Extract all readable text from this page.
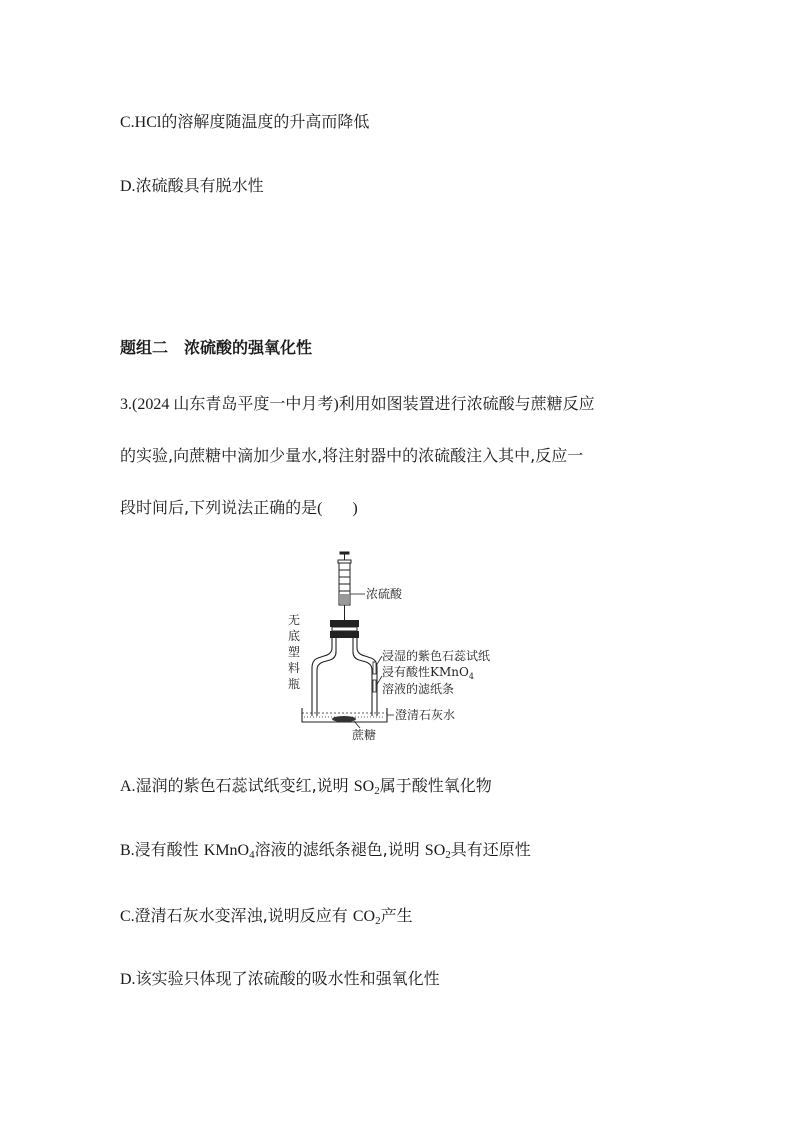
C.HCl的溶解度随温度的升高而降低
D.浓硫酸具有脱水性
题组二　浓硫酸的强氧化性
3.(2024 山东青岛平度一中月考)利用如图装置进行浓硫酸与蔗糖反应
的实验,向蔗糖中滴加少量水,将注射器中的浓硫酸注入其中,反应一
段时间后,下列说法正确的是( )
浓硫酸
无
底
塑
料
瓶
浸湿的紫色石蕊试纸
浸有酸性KMnO$_4$
溶液的滤纸条
澄清石灰水
蔗糖
A.湿润的紫色石蕊试纸变红,说明 $SO_2$属于酸性氧化物
B.浸有酸性 KMnO$_4$溶液的滤纸条褪色,说明 $SO_2$具有还原性
C.澄清石灰水变浑浊,说明反应有 $CO_2$产生
D.该实验只体现了浓硫酸的吸水性和强氧化性
